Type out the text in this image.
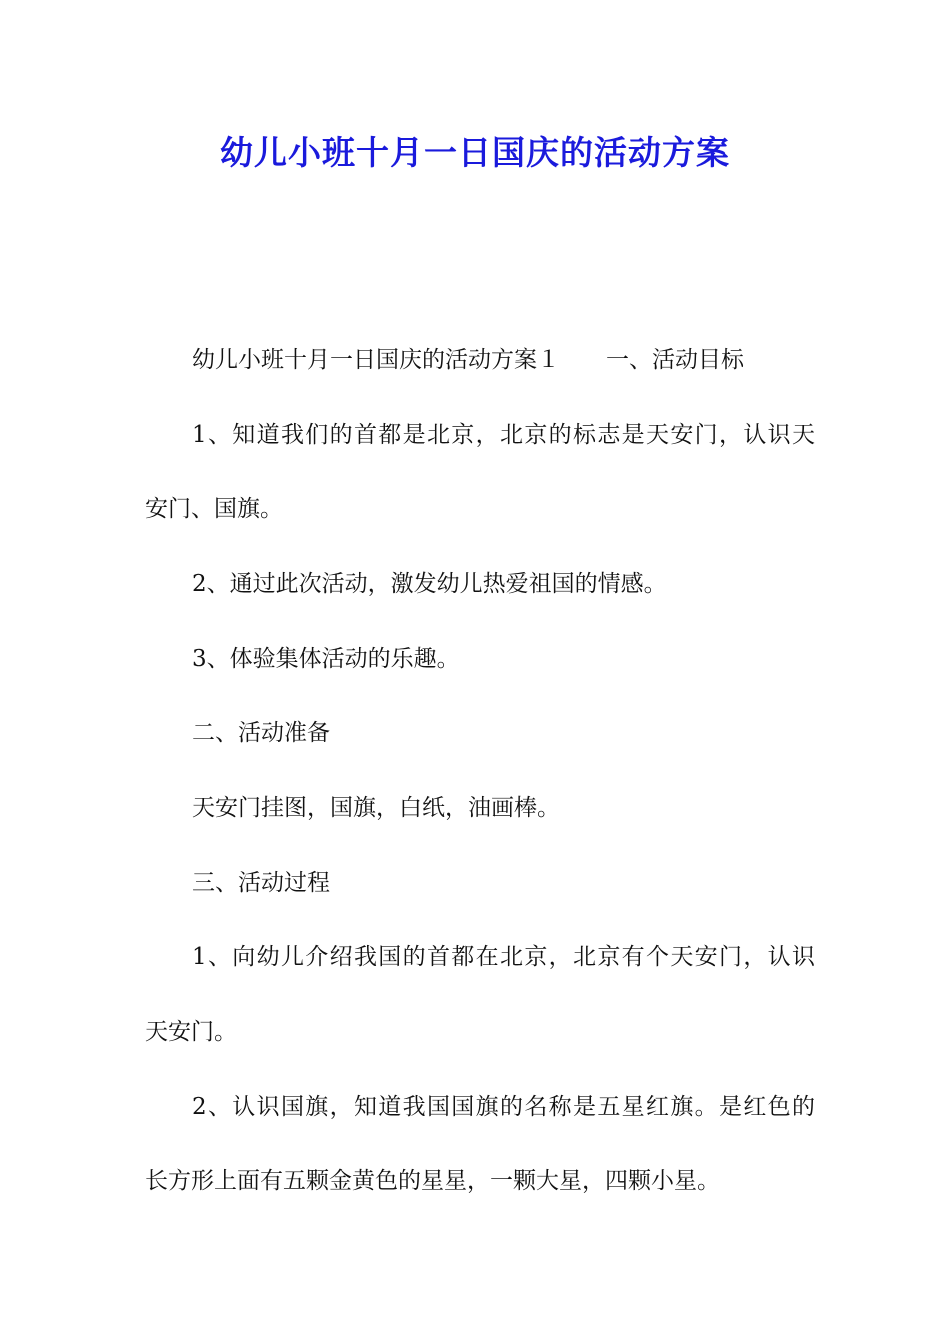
幼儿小班十月一日国庆的活动方案

幼儿小班十月一日国庆的活动方案１ 一、活动目标

1、知道我们的首都是北京，北京的标志是天安门，认识天

安门、国旗。

2、通过此次活动，激发幼儿热爱祖国的情感。

3、体验集体活动的乐趣。

二、活动准备

天安门挂图，国旗，白纸，油画棒。

三、活动过程

1、向幼儿介绍我国的首都在北京，北京有个天安门，认识

天安门。

2、认识国旗，知道我国国旗的名称是五星红旗。是红色的

长方形上面有五颗金黄色的星星，一颗大星，四颗小星。
